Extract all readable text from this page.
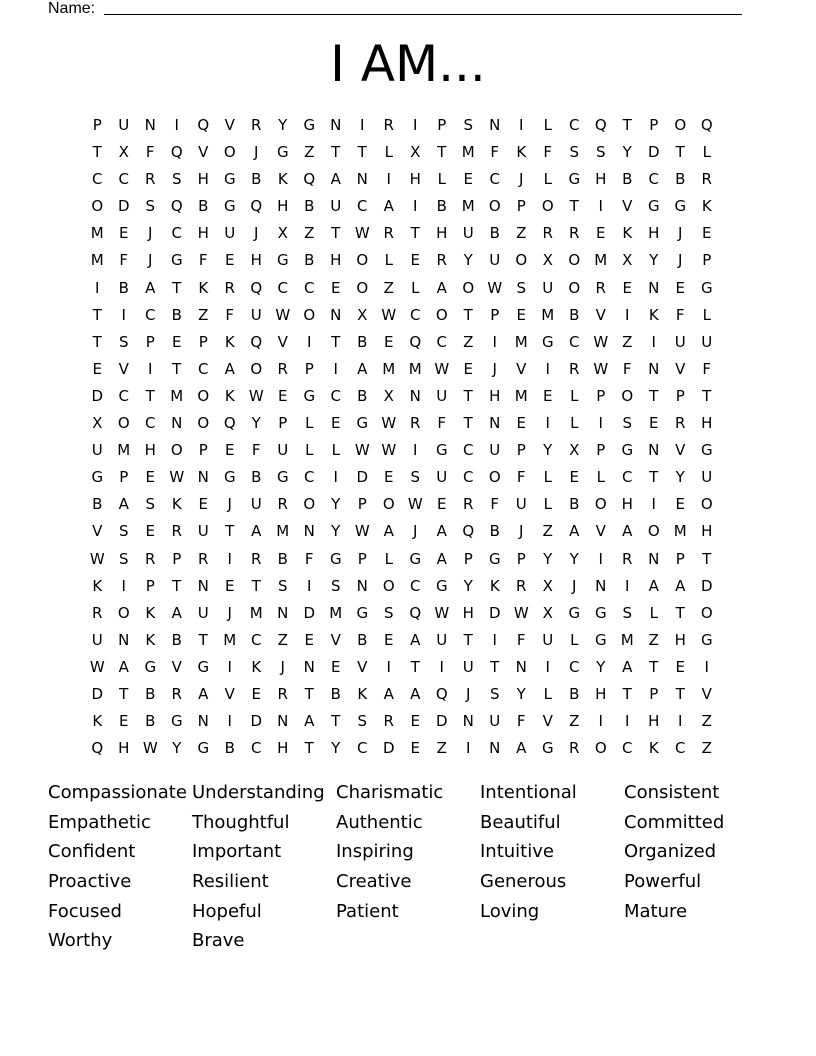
Name:
I AM...
P U N I Q V R Y G N I R I P S N I L C Q T P O Q
T X F Q V O J G Z T T L X T M F K F S S Y D T L
C C R S H G B K Q A N I H L E C J L G H B C B R
O D S Q B G Q H B U C A I B M O P O T I V G G K
M E J C H U J X Z T W R T H U B Z R R E K H J E
M F J G F E H G B H O L E R Y U O X O M X Y J P
I B A T K R Q C C E O Z L A O W S U O R E N E G
T I C B Z F U W O N X W C O T P E M B V I K F L
T S P E P K Q V I T B E Q C Z I M G C W Z I U U
E V I T C A O R P I A M M W E J V I R W F N V F
D C T M O K W E G C B X N U T H M E L P O T P T
X O C N O Q Y P L E G W R F T N E I L I S E R H
U M H O P E F U L L W W I G C U P Y X P G N V G
G P E W N G B G C I D E S U C O F L E L C T Y U
B A S K E J U R O Y P O W E R F U L B O H I E O
V S E R U T A M N Y W A J A Q B J Z A V A O M H
W S R P R I R B F G P L G A P G P Y Y I R N P T
K I P T N E T S I S N O C G Y K R X J N I A A D
R O K A U J M N D M G S Q W H D W X G G S L T O
U N K B T M C Z E V B E A U T I F U L G M Z H G
W A G V G I K J N E V I T I U T N I C Y A T E I
D T B R A V E R T B K A A Q J S Y L B H T P T V
K E B G N I D N A T S R E D N U F V Z I I H I Z
Q H W Y G B C H T Y C D E Z I N A G R O C K C Z
Compassionate Understanding Charismatic Intentional	Consistent
Empathetic Thoughtful	Authentic	Beautiful	Committed
Confident	Important	Inspiring	Intuitive	Organized
Proactive	Resilient	Creative	Generous	Powerful
Focused	Hopeful	Patient	Loving	Mature
Worthy	Brave
